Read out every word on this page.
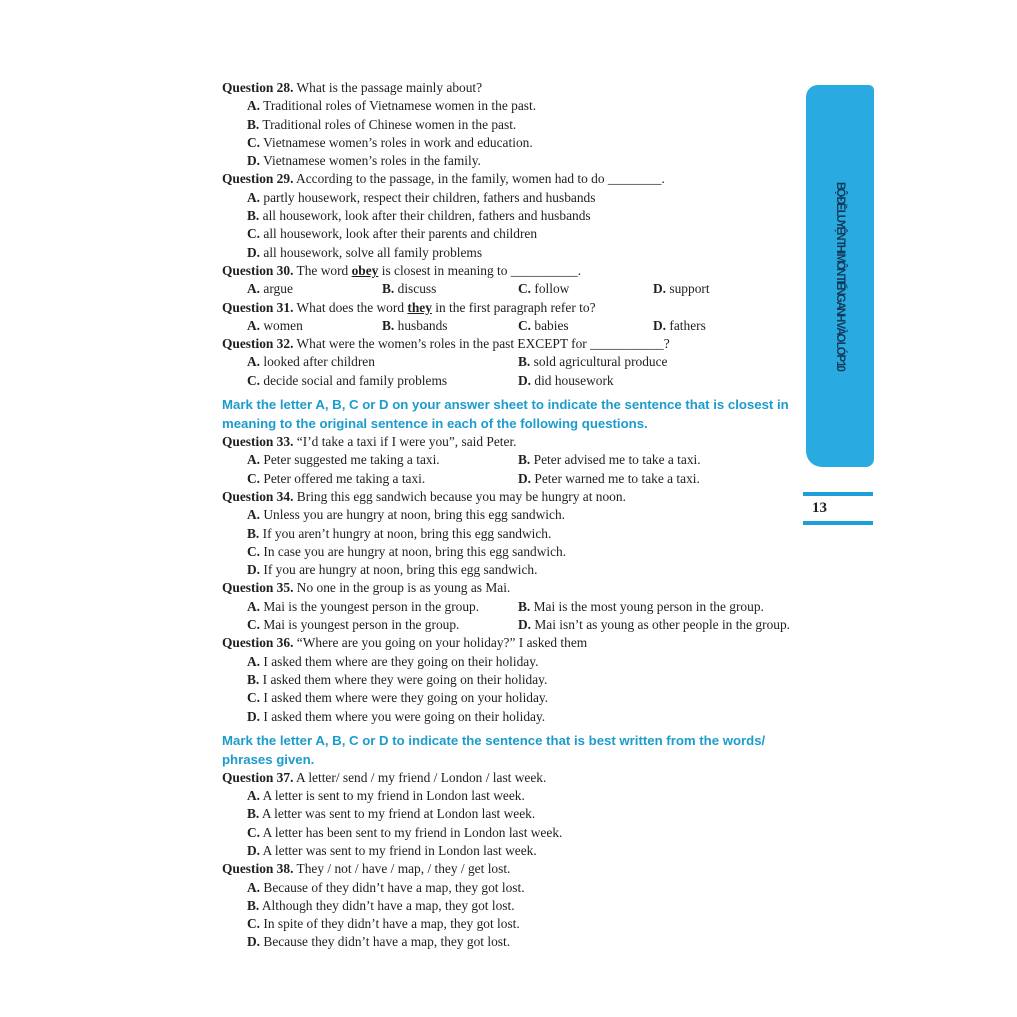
Question 28. What is the passage mainly about?
A. Traditional roles of Vietnamese women in the past.
B. Traditional roles of Chinese women in the past.
C. Vietnamese women’s roles in work and education.
D. Vietnamese women’s roles in the family.
Question 29. According to the passage, in the family, women had to do ________.
A. partly housework, respect their children, fathers and husbands
B. all housework, look after their children, fathers and husbands
C. all housework, look after their parents and children
D. all housework, solve all family problems
Question 30. The word obey is closest in meaning to __________.
A. argue	B. discuss	C. follow	D. support
Question 31. What does the word they in the first paragraph refer to?
A. women	B. husbands	C. babies	D. fathers
Question 32. What were the women’s roles in the past EXCEPT for ___________?
A. looked after children	B. sold agricultural produce
C. decide social and family problems	D. did housework
Mark the letter A, B, C or D on your answer sheet to indicate the sentence that is closest in meaning to the original sentence in each of the following questions.
Question 33. “I’d take a taxi if I were you”, said Peter.
A. Peter suggested me taking a taxi.	B. Peter advised me to take a taxi.
C. Peter offered me taking a taxi.	D. Peter warned me to take a taxi.
Question 34. Bring this egg sandwich because you may be hungry at noon.
A. Unless you are hungry at noon, bring this egg sandwich.
B. If you aren’t hungry at noon, bring this egg sandwich.
C. In case you are hungry at noon, bring this egg sandwich.
D. If you are hungry at noon, bring this egg sandwich.
Question 35. No one in the group is as young as Mai.
A. Mai is the youngest person in the group.	B. Mai is the most young person in the group.
C. Mai is youngest person in the group.	D. Mai isn’t as young as other people in the group.
Question 36. “Where are you going on your holiday?” I asked them
A. I asked them where are they going on their holiday.
B. I asked them where they were going on their holiday.
C. I asked them where were they going on your holiday.
D. I asked them where you were going on their holiday.
Mark the letter A, B, C or D to indicate the sentence that is best written from the words/ phrases given.
Question 37. A letter/ send / my friend / London / last week.
A. A letter is sent to my friend in London last week.
B. A letter was sent to my friend at London last week.
C. A letter has been sent to my friend in London last week.
D. A letter was sent to my friend in London last week.
Question 38. They / not / have / map, / they / get lost.
A. Because of they didn’t have a map, they got lost.
B. Although they didn’t have a map, they got lost.
C. In spite of they didn’t have a map, they got lost.
D. Because they didn’t have a map, they got lost.
BỘ ĐỀ LUYỆN THI MÔN TIẾNG ANH VÀO LỚP 10
13
